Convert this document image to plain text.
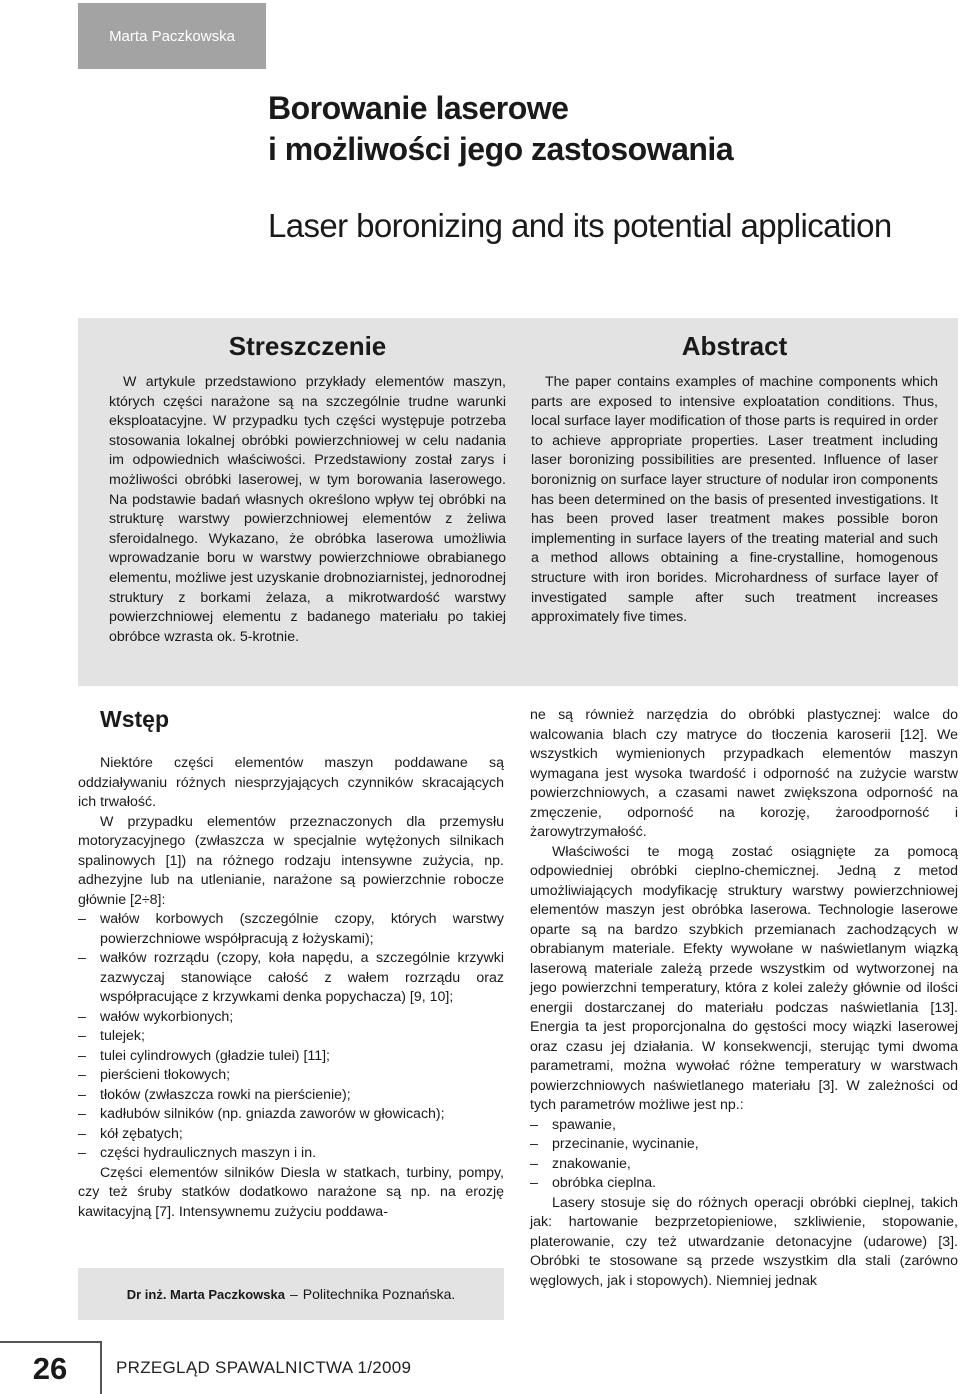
Marta Paczkowska
Borowanie laserowe
i możliwości jego zastosowania
Laser boronizing and its potential application
Streszczenie

W artykule przedstawiono przykłady elementów maszyn, których części narażone są na szczególnie trudne warunki eksploatacyjne. W przypadku tych części występuje potrzeba stosowania lokalnej obróbki powierzchniowej w celu nadania im odpowiednich właściwości. Przedstawiony został zarys i możliwości obróbki laserowej, w tym borowania laserowego. Na podstawie badań własnych określono wpływ tej obróbki na strukturę warstwy powierzchniowej elementów z żeliwa sferoidalnego. Wykazano, że obróbka laserowa umożliwia wprowadzanie boru w warstwy powierzchniowe obrabianego elementu, możliwe jest uzyskanie drobnoziarnistej, jednorodnej struktury z borkami żelaza, a mikrotwardość warstwy powierzchniowej elementu z badanego materiału po takiej obróbce wzrasta ok. 5-krotnie.

Abstract

The paper contains examples of machine components which parts are exposed to intensive exploatation conditions. Thus, local surface layer modification of those parts is required in order to achieve appropriate properties. Laser treatment including laser boronizing possibilities are presented. Influence of laser boroniznig on surface layer structure of nodular iron components has been determined on the basis of presented investigations. It has been proved laser treatment makes possible boron implementing in surface layers of the treating material and such a method allows obtaining a fine-crystalline, homogenous structure with iron borides. Microhardness of surface layer of investigated sample after such treatment increases approximately five times.

Wstęp

Niektóre części elementów maszyn poddawane są oddziaływaniu różnych niesprzyjających czynników skracających ich trwałość.

W przypadku elementów przeznaczonych dla przemysłu motoryzacyjnego (zwłaszcza w specjalnie wytężonych silnikach spalinowych [1]) na różnego rodzaju intensywne zużycia, np. adhezyjne lub na utlenianie, narażone są powierzchnie robocze głównie [2÷8]:

– wałów korbowych (szczególnie czopy, których warstwy powierzchniowe współpracują z łożyskami);
– wałków rozrządu (czopy, koła napędu, a szczególnie krzywki zazwyczaj stanowiące całość z wałem rozrządu oraz współpracujące z krzywkami denka popychacza) [9, 10];
– wałów wykorbionych;
– tulejek;
– tulei cylindrowych (gładzie tulei) [11];
– pierścieni tłokowych;
– tłoków (zwłaszcza rowki na pierścienie);
– kadłubów silników (np. gniazda zaworów w głowicach);
– kół zębatych;
– części hydraulicznych maszyn i in.

Części elementów silników Diesla w statkach, turbiny, pompy, czy też śruby statków dodatkowo narażone są np. na erozję kawitacyjną [7]. Intensywnemu zużyciu poddawa-

Dr inż. Marta Paczkowska – Politechnika Poznańska.

ne są również narzędzia do obróbki plastycznej: walce do walcowania blach czy matryce do tłoczenia karoserii [12]. We wszystkich wymienionych przypadkach elementów maszyn wymagana jest wysoka twardość i odporność na zużycie warstw powierzchniowych, a czasami nawet zwiększona odporność na zmęczenie, odporność na korozję, żaroodporność i żarowytrzymałość.

Właściwości te mogą zostać osiągnięte za pomocą odpowiedniej obróbki cieplno-chemicznej. Jedną z metod umożliwiających modyfikację struktury warstwy powierzchniowej elementów maszyn jest obróbka laserowa. Technologie laserowe oparte są na bardzo szybkich przemianach zachodzących w obrabianym materiale. Efekty wywołane w naświetlanym wiązką laserową materiale zależą przede wszystkim od wytworzonej na jego powierzchni temperatury, która z kolei zależy głównie od ilości energii dostarczanej do materiału podczas naświetlania [13]. Energia ta jest proporcjonalna do gęstości mocy wiązki laserowej oraz czasu jej działania. W konsekwencji, sterując tymi dwoma parametrami, można wywołać różne temperatury w warstwach powierzchniowych naświetlanego materiału [3]. W zależności od tych parametrów możliwe jest np.:

– spawanie,
– przecinanie, wycinanie,
– znakowanie,
– obróbka cieplna.

Lasery stosuje się do różnych operacji obróbki cieplnej, takich jak: hartowanie bezprzetopieniowe, szkliwienie, stopowanie, platerowanie, czy też utwardzanie detonacyjne (udarowe) [3]. Obróbki te stosowane są przede wszystkim dla stali (zarówno węglowych, jak i stopowych). Niemniej jednak

26	PRZEGLĄD SPAWALNICTWA 1/2009
